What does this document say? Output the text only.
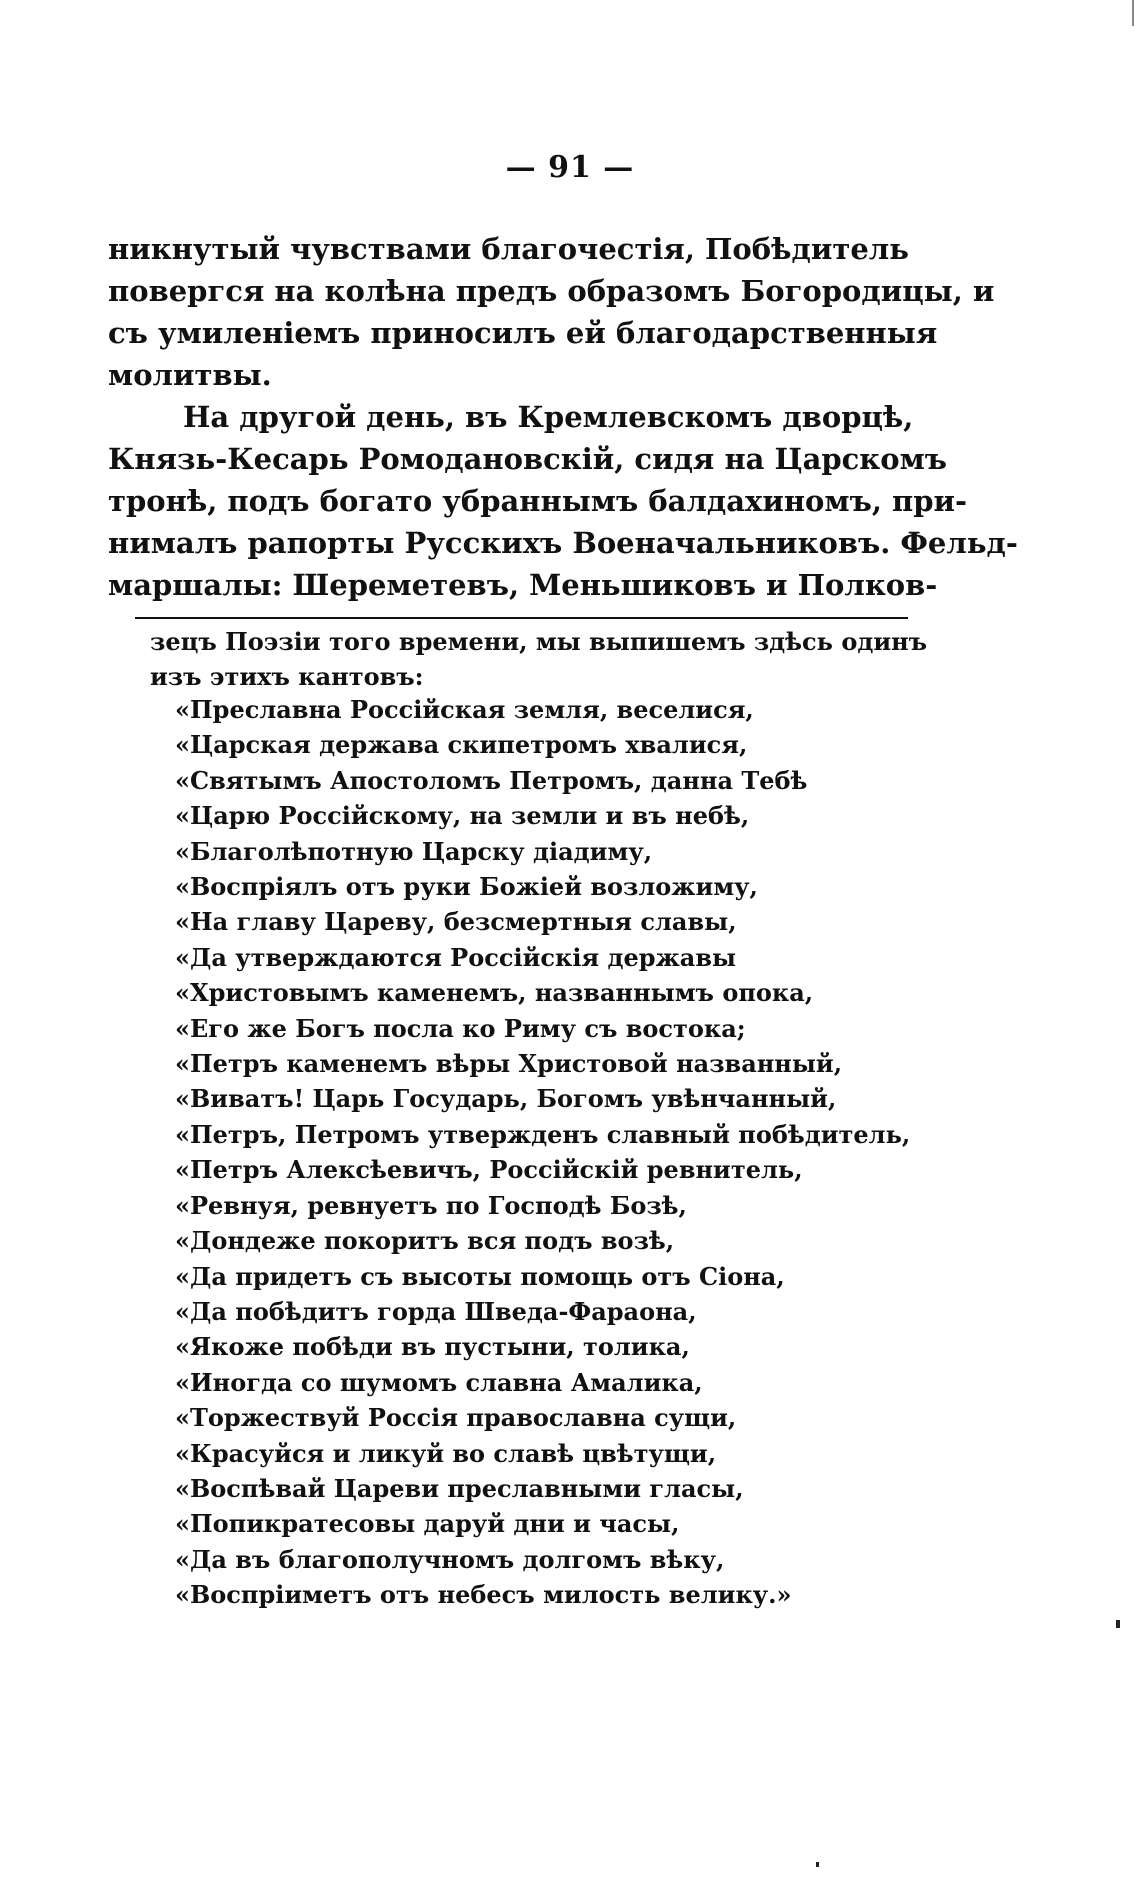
— 91 —
никнутый чувствами благочестія, Побѣдитель
повергся на колѣна предъ образомъ Богородицы, и
съ умиленіемъ приносилъ ей благодарственныя
молитвы.
На другой день, въ Кремлевскомъ дворцѣ,
Князь-Кесарь Ромодановскій, сидя на Царскомъ
тронѣ, подъ богато убраннымъ балдахиномъ, при-
нималъ рапорты Русскихъ Военачальниковъ. Фельд-
маршалы: Шереметевъ, Меньшиковъ и Полков-
зецъ Поэзіи того времени, мы выпишемъ здѣсь одинъ
изъ этихъ кантовъ:
«Преславна Россійская земля, веселися,
«Царская держава скипетромъ хвалися,
«Святымъ Апостоломъ Петромъ, данна Тебѣ
«Царю Россійскому, на земли и въ небѣ,
«Благолѣпотную Царску діадиму,
«Воспріялъ отъ руки Божіей возложиму,
«На главу Цареву, безсмертныя славы,
«Да утверждаются Россійскія державы
«Христовымъ каменемъ, названнымъ опока,
«Его же Богъ посла ко Риму съ востока;
«Петръ каменемъ вѣры Христовой названный,
«Виватъ! Царь Государь, Богомъ увѣнчанный,
«Петръ, Петромъ утвержденъ славный побѣдитель,
«Петръ Алексѣевичъ, Россійскій ревнитель,
«Ревнуя, ревнуетъ по Господѣ Бозѣ,
«Дондеже покоритъ вся подъ возѣ,
«Да придетъ съ высоты помощь отъ Сіона,
«Да побѣдитъ горда Шведа-Фараона,
«Якоже побѣди въ пустыни, толика,
«Иногда со шумомъ славна Амалика,
«Торжествуй Россія православна сущи,
«Красуйся и ликуй во славѣ цвѣтущи,
«Воспѣвай Цареви преславными гласы,
«Попикратесовы даруй дни и часы,
«Да въ благополучномъ долгомъ вѣку,
«Воспріиметъ отъ небесъ милость велику.»
